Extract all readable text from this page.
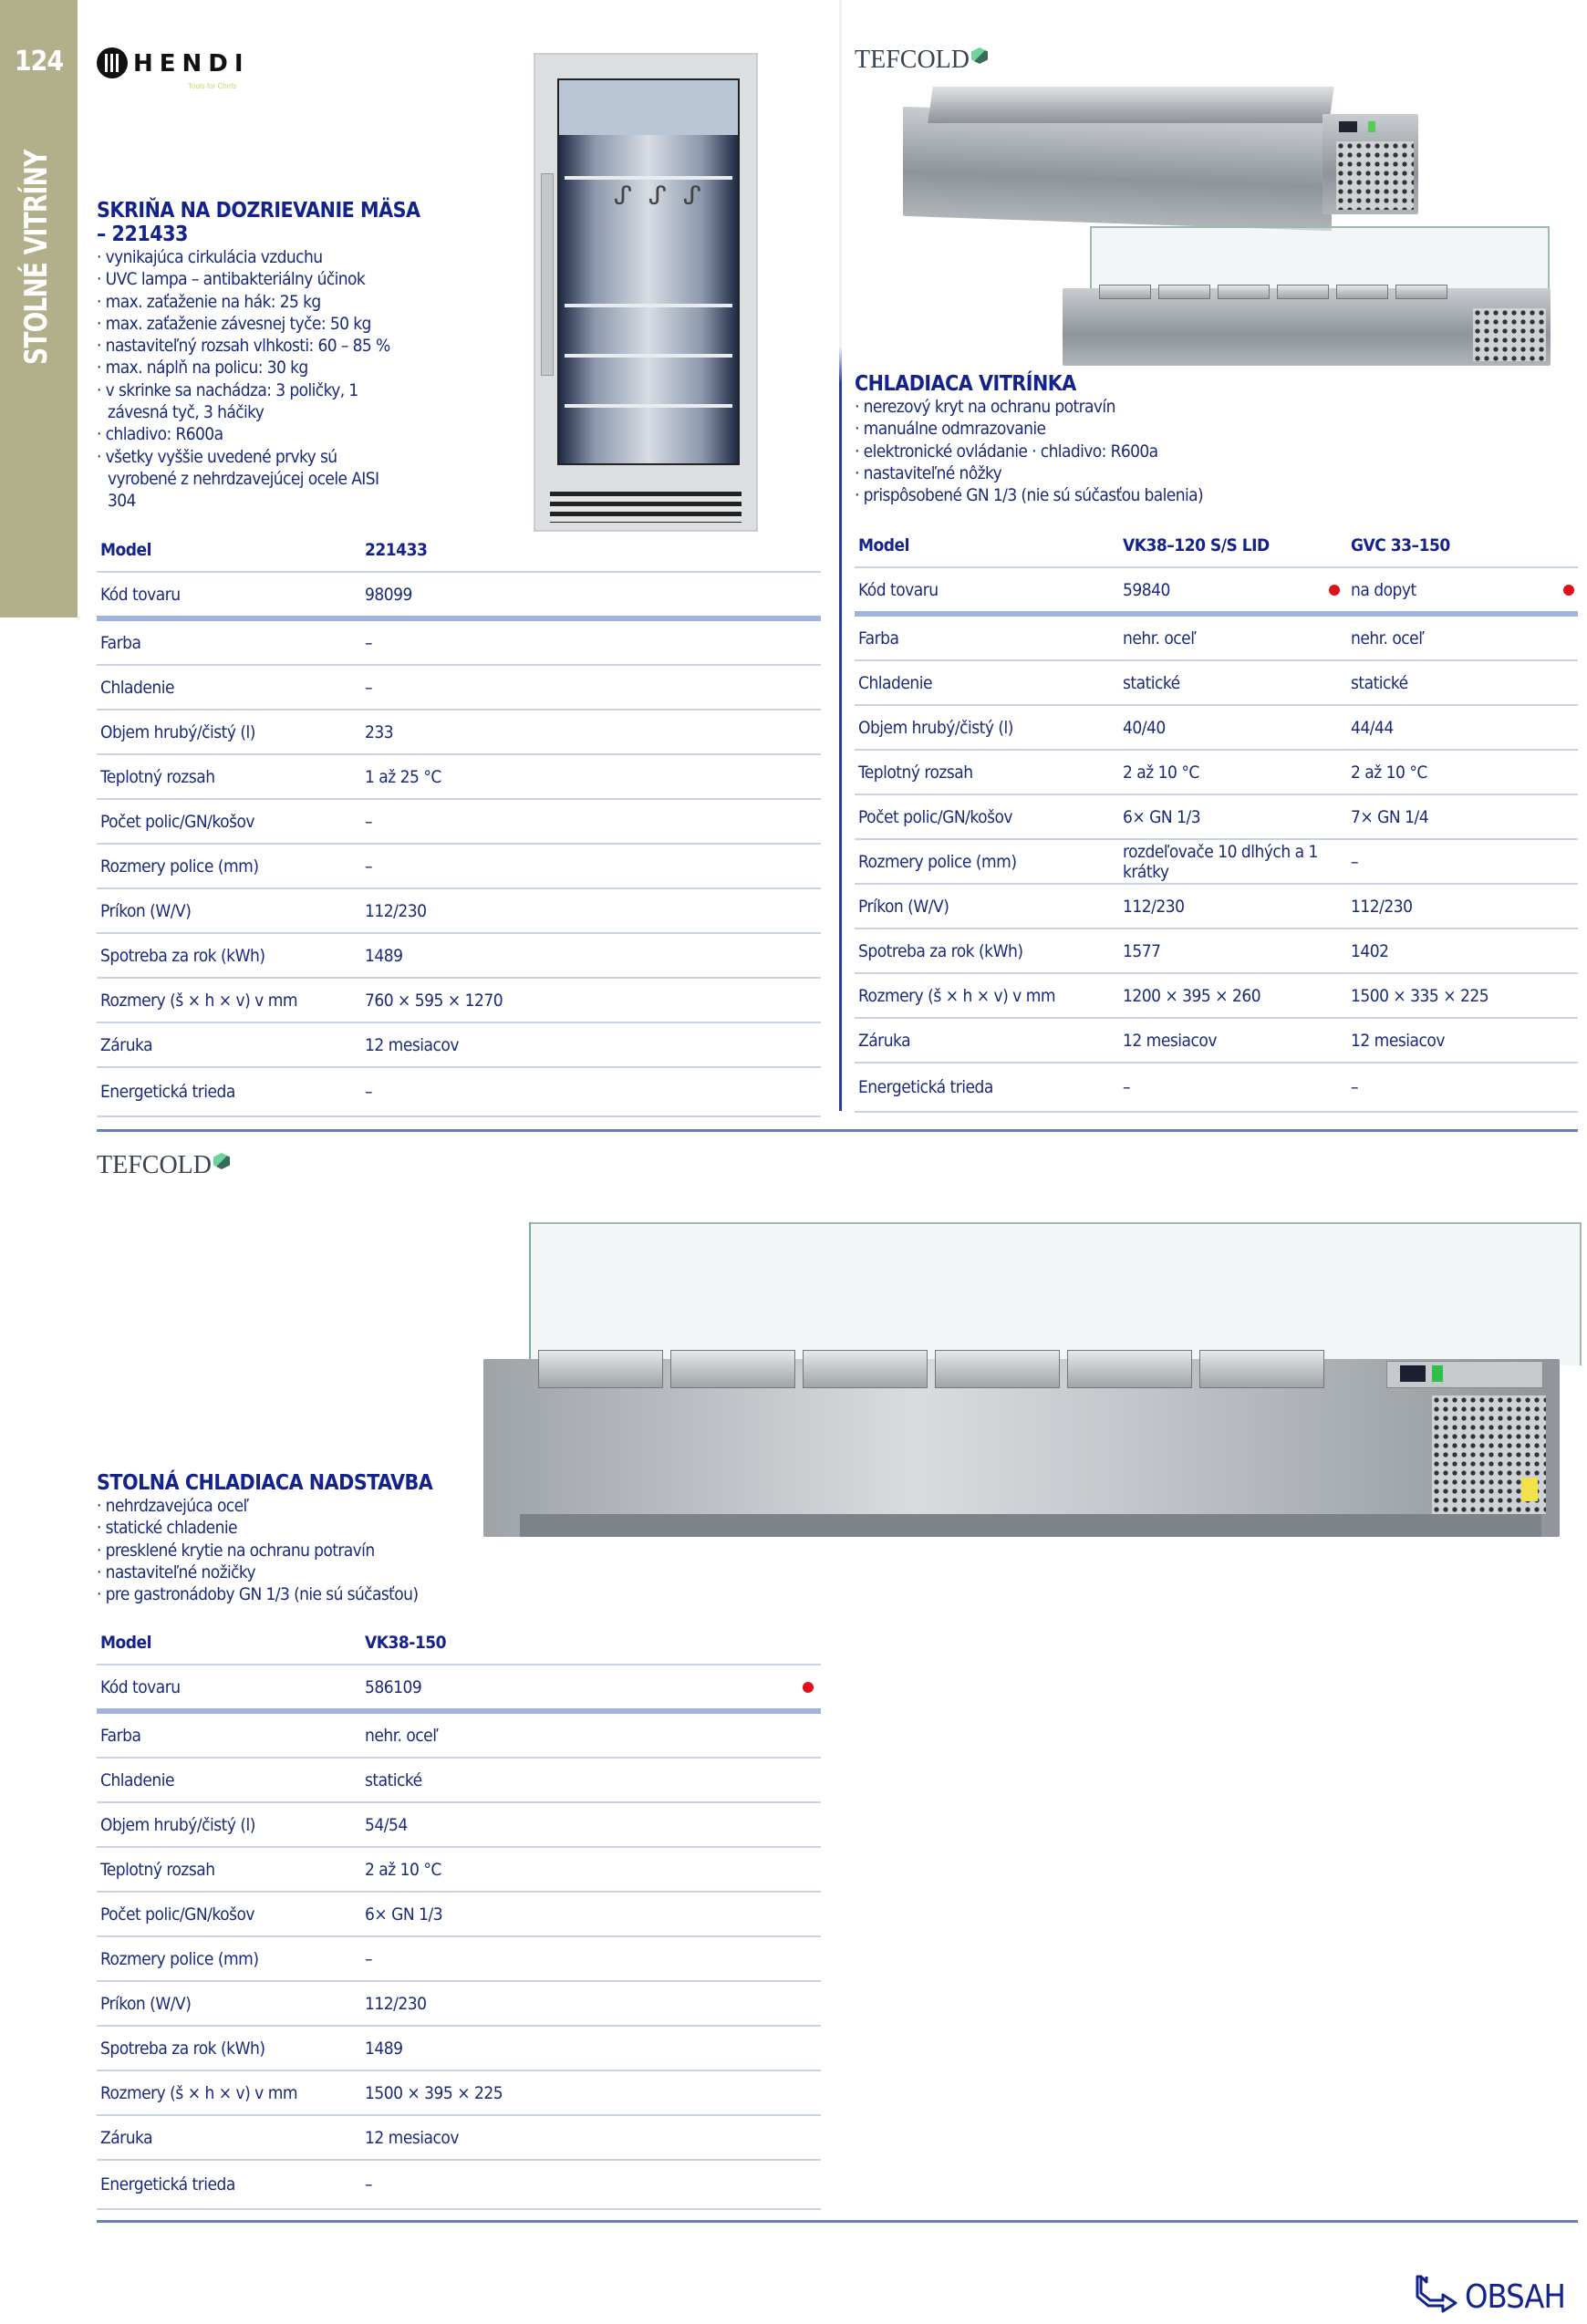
124
STOLNÉ VITRÍNY
HENDI
Tools for Chefs
SKRIŇA NA DOZRIEVANIE MÄSA
– 221433
· vynikajúca cirkulácia vzduchu
· UVC lampa – antibakteriálny účinok
· max. zaťaženie na hák: 25 kg
· max. zaťaženie závesnej tyče: 50 kg
· nastaviteľný rozsah vlhkosti: 60 – 85 %
· max. náplň na policu: 30 kg
· v skrinke sa nachádza: 3 poličky, 1 závesná tyč, 3 háčiky
· chladivo: R600a
· všetky vyššie uvedené prvky sú vyrobené z nehrdzavejúcej ocele AISI 304
ᔑᔑᔑ
Model	221433
Kód tovaru	98099
Farba	–
Chladenie	–
Objem hrubý/čistý (l)	233
Teplotný rozsah	1 až 25 °C
Počet polic/GN/košov	–
Rozmery police (mm)	–
Príkon (W/V)	112/230
Spotreba za rok (kWh)	1489
Rozmery (š × h × v) v mm	760 × 595 × 1270
Záruka	12 mesiacov
Energetická trieda	–
TEFCOLD
CHLADIACA VITRÍNKA
· nerezový kryt na ochranu potravín
· manuálne odmrazovanie
· elektronické ovládanie · chladivo: R600a
· nastaviteľné nôžky
· prispôsobené GN 1/3 (nie sú súčasťou balenia)
Model	VK38–120 S/S LID	GVC 33–150
Kód tovaru	59840	na dopyt

Farba	nehr. oceľ	nehr. oceľ
Chladenie	statické	statické
Objem hrubý/čistý (l)	40/40	44/44
Teplotný rozsah	2 až 10 °C	2 až 10 °C
Počet polic/GN/košov	6× GN 1/3	7× GN 1/4
Rozmery police (mm)	rozdeľovače 10 dlhých a 1 krátky	–
Príkon (W/V)	112/230	112/230
Spotreba za rok (kWh)	1577	1402
Rozmery (š × h × v) v mm	1200 × 395 × 260	1500 × 335 × 225
Záruka	12 mesiacov	12 mesiacov
Energetická trieda	–	–
TEFCOLD
STOLNÁ CHLADIACA NADSTAVBA
· nehrdzavejúca oceľ
· statické chladenie
· presklené krytie na ochranu potravín
· nastaviteľné nožičky
· pre gastronádoby GN 1/3 (nie sú súčasťou)
Model	VK38-150
Kód tovaru	586109

Farba	nehr. oceľ
Chladenie	statické
Objem hrubý/čistý (l)	54/54
Teplotný rozsah	2 až 10 °C
Počet polic/GN/košov	6× GN 1/3
Rozmery police (mm)	–
Príkon (W/V)	112/230
Spotreba za rok (kWh)	1489
Rozmery (š × h × v) v mm	1500 × 395 × 225
Záruka	12 mesiacov
Energetická trieda	–
OBSAH
